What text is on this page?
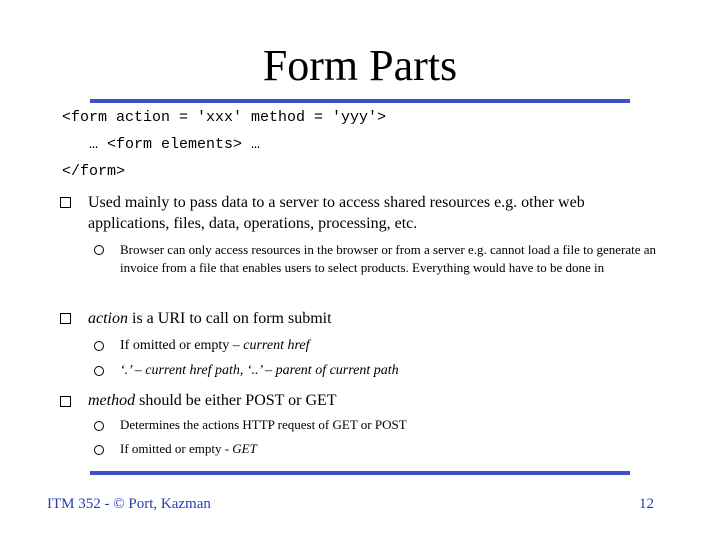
Form Parts
<form action = 'xxx' method = 'yyy'>
… <form elements> …
</form>
Used mainly to pass data to a server to access shared resources e.g. other web applications, files, data, operations, processing, etc.
Browser can only access resources in the browser or from a server e.g. cannot load a file to generate an invoice from a file that enables users to select products. Everything would have to be done in
action is a URI to call on form submit
If omitted or empty – current href
‘.’ – current href path, ‘..’ – parent of current path
method should be either POST or GET
Determines the actions HTTP request of GET or POST
If omitted or empty - GET
ITM 352 - © Port, Kazman	12
